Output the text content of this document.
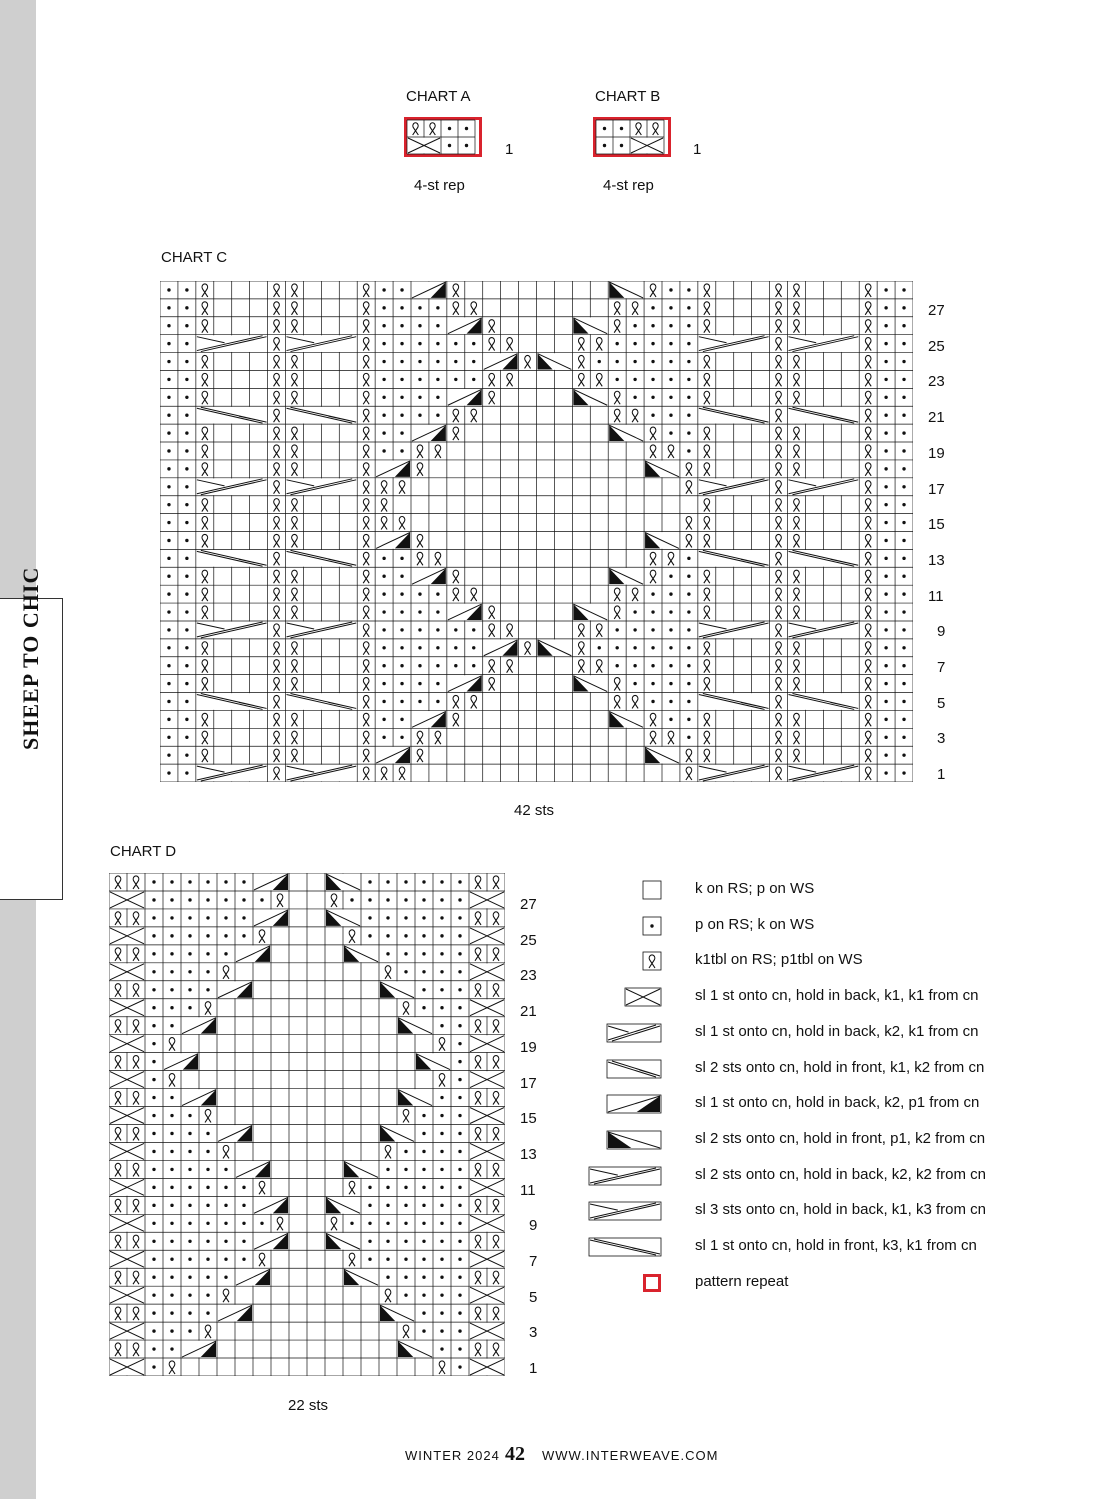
SHEEP TO CHIC
CHART A
1
4-st rep
CHART B
1
4-st rep
CHART C
27
25
23
21
19
17
15
13
11
9
7
5
3
1
42 sts
CHART D
27
25
23
21
19
17
15
13
11
9
7
5
3
1
22 sts
k on RS; p on WS
p on RS; k on WS
k1tbl on RS; p1tbl on WS
sl 1 st onto cn, hold in back, k1, k1 from cn
sl 1 st onto cn, hold in back, k2, k1 from cn
sl 2 sts onto cn, hold in front, k1, k2 from cn
sl 1 st onto cn, hold in back, k2, p1 from cn
sl 2 sts onto cn, hold in front, p1, k2 from cn
sl 2 sts onto cn, hold in back, k2, k2 from cn
sl 3 sts onto cn, hold in back, k1, k3 from cn
sl 1 st onto cn, hold in front, k3, k1 from cn
pattern repeat
WINTER 2024 42 WWW.INTERWEAVE.COM
